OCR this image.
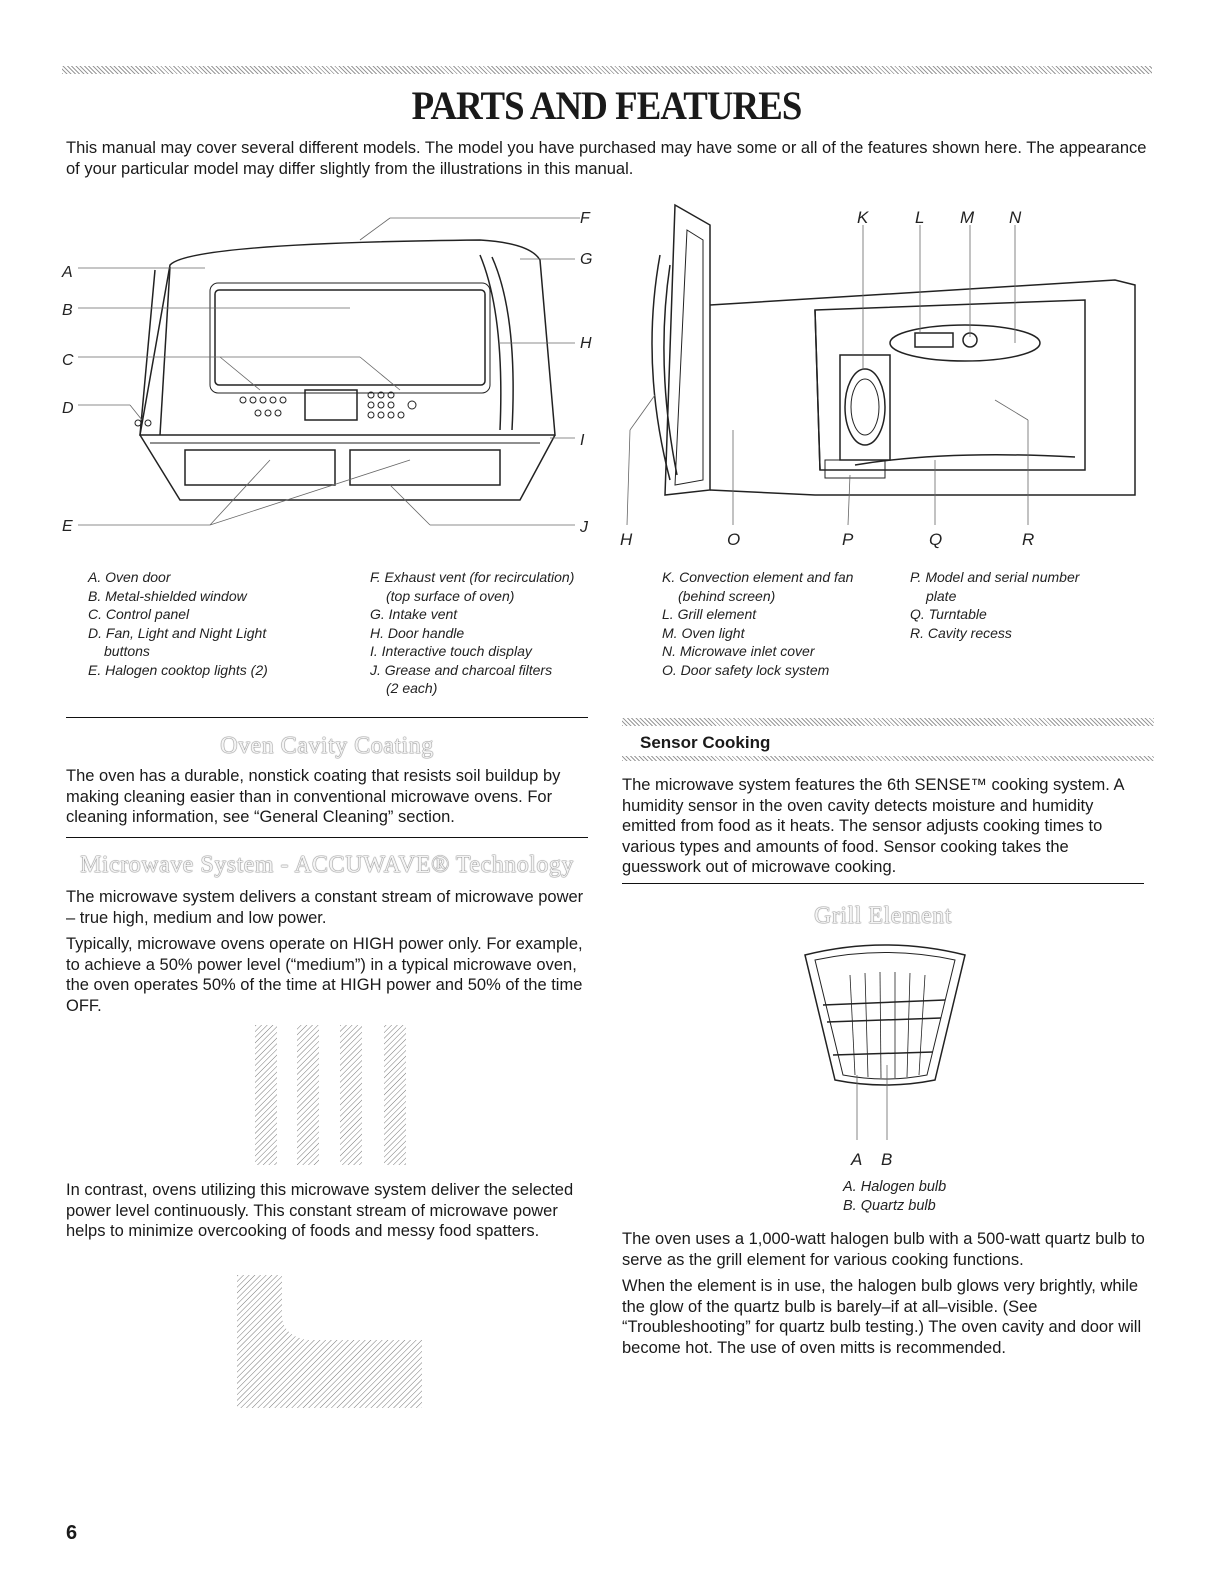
PARTS AND FEATURES
This manual may cover several different models. The model you have purchased may have some or all of the features shown here. The appearance of your particular model may differ slightly from the illustrations in this manual.
A
B
C
D
E
F
G
H
I
J
K	L M N
H	O	P	Q	R
A. Oven door
B. Metal-shielded window
C. Control panel
D. Fan, Light and Night Light
buttons
E. Halogen cooktop lights (2)
F. Exhaust vent (for recirculation)
(top surface of oven)
G. Intake vent
H. Door handle
I. Interactive touch display
J. Grease and charcoal filters
(2 each)
K. Convection element and fan
(behind screen)
L. Grill element
M. Oven light
N. Microwave inlet cover
O. Door safety lock system
P. Model and serial number
plate
Q. Turntable
R. Cavity recess
Oven Cavity Coating
The oven has a durable, nonstick coating that resists soil buildup by making cleaning easier than in conventional microwave ovens. For cleaning information, see “General Cleaning” section.
Microwave System - ACCUWAVE® Technology

The microwave system delivers a constant stream of microwave power – true high, medium and low power.

Typically, microwave ovens operate on HIGH power only. For example, to achieve a 50% power level (“medium”) in a typical microwave oven, the oven operates 50% of the time at HIGH power and 50% of the time OFF.

In contrast, ovens utilizing this microwave system deliver the selected power level continuously. This constant stream of microwave power helps to minimize overcooking of foods and messy food spatters.
Sensor Cooking
The microwave system features the 6th SENSE™ cooking system. A humidity sensor in the oven cavity detects moisture and humidity emitted from food as it heats. The sensor adjusts cooking times to various types and amounts of food. Sensor cooking takes the guesswork out of microwave cooking.
Grill Element
A B
A. Halogen bulb
B. Quartz bulb

The oven uses a 1,000-watt halogen bulb with a 500-watt quartz bulb to serve as the grill element for various cooking functions.

When the element is in use, the halogen bulb glows very brightly, while the glow of the quartz bulb is barely–if at all–visible. (See “Troubleshooting” for quartz bulb testing.) The oven cavity and door will become hot. The use of oven mitts is recommended.

6
